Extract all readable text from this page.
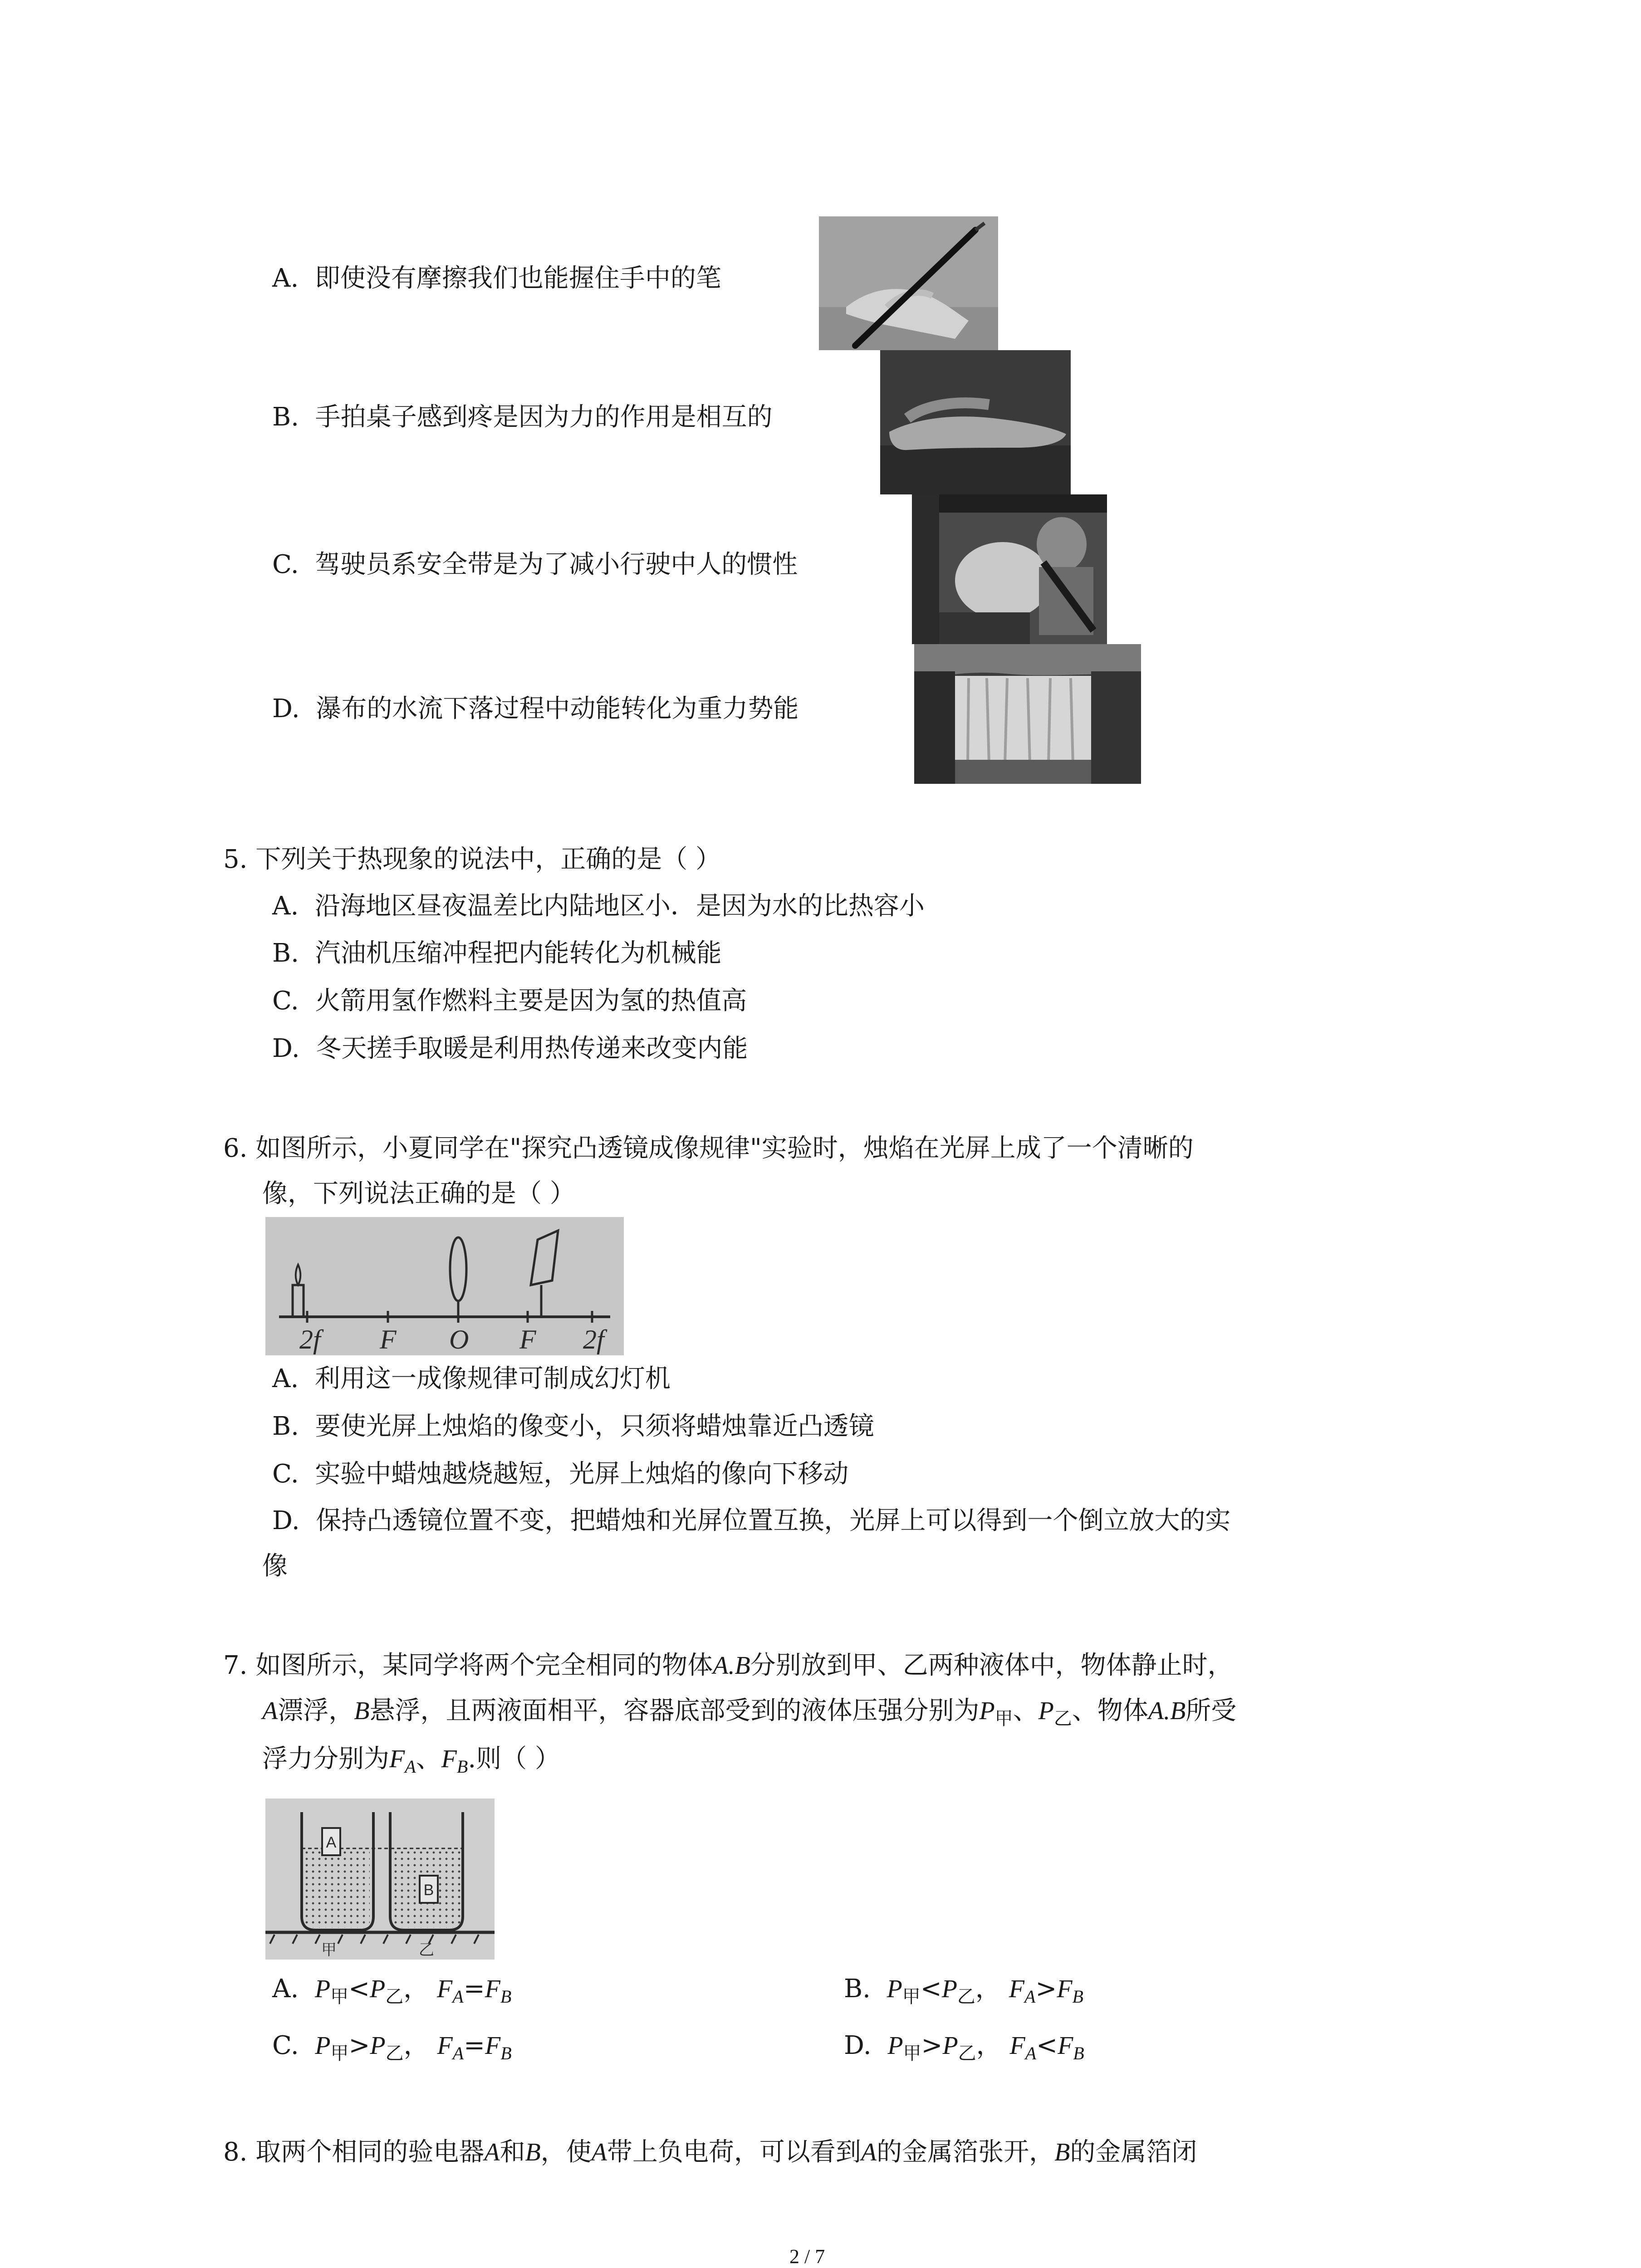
A. 即使没有摩擦我们也能握住手中的笔
B. 手拍桌子感到疼是因为力的作用是相互的
C. 驾驶员系安全带是为了减小行驶中人的惯性
D. 瀑布的水流下落过程中动能转化为重力势能
5. 下列关于热现象的说法中，正确的是（ ）
A. 沿海地区昼夜温差比内陆地区小．是因为水的比热容小
B. 汽油机压缩冲程把内能转化为机械能
C. 火箭用氢作燃料主要是因为氢的热值高
D. 冬天搓手取暖是利用热传递来改变内能
6. 如图所示，小夏同学在"探究凸透镜成像规律"实验时，烛焰在光屏上成了一个清晰的
像，下列说法正确的是（ ）
2f F O F 2f
A. 利用这一成像规律可制成幻灯机
B. 要使光屏上烛焰的像变小，只须将蜡烛靠近凸透镜
C. 实验中蜡烛越烧越短，光屏上烛焰的像向下移动
D. 保持凸透镜位置不变，把蜡烛和光屏位置互换，光屏上可以得到一个倒立放大的实
像
7. 如图所示，某同学将两个完全相同的物体A.B分别放到甲、乙两种液体中，物体静止时，
A漂浮，B悬浮，且两液面相平，容器底部受到的液体压强分别为$P_甲$、$P_乙$、物体A.B所受
浮力分别为$F_A$、$F_B$.则（ ）
A
B
甲	乙
A. $P_甲<P_乙$， $F_A=F_B$	B. $P_甲<P_乙$， $F_A>F_B$
C. $P_甲>P_乙$， $F_A=F_B$	D. $P_甲>P_乙$， $F_A<F_B$
8. 取两个相同的验电器A和B，使A带上负电荷，可以看到A的金属箔张开，B的金属箔闭
2 / 7
